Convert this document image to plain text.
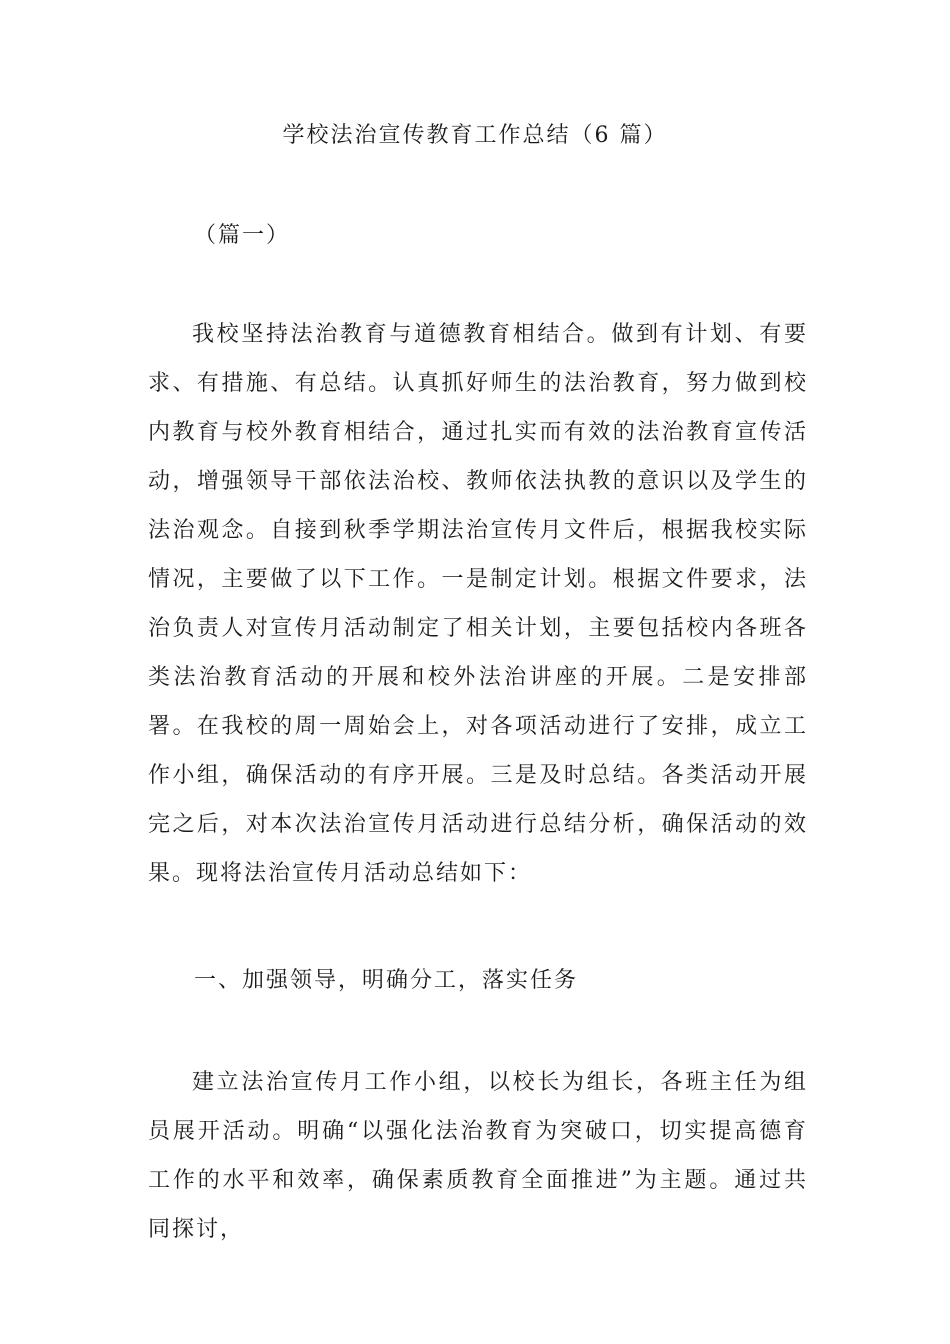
学校法治宣传教育工作总结（6 篇）

（篇一）

我校坚持法治教育与道德教育相结合。做到有计划、有要求、有措施、有总结。认真抓好师生的法治教育，努力做到校内教育与校外教育相结合，通过扎实而有效的法治教育宣传活动，增强领导干部依法治校、教师依法执教的意识以及学生的法治观念。自接到秋季学期法治宣传月文件后，根据我校实际情况，主要做了以下工作。一是制定计划。根据文件要求，法治负责人对宣传月活动制定了相关计划，主要包括校内各班各类法治教育活动的开展和校外法治讲座的开展。二是安排部署。在我校的周一周始会上，对各项活动进行了安排，成立工作小组，确保活动的有序开展。三是及时总结。各类活动开展完之后，对本次法治宣传月活动进行总结分析，确保活动的效果。现将法治宣传月活动总结如下：

一、加强领导，明确分工，落实任务

建立法治宣传月工作小组，以校长为组长，各班主任为组员展开活动。明确“以强化法治教育为突破口，切实提高德育工作的水平和效率，确保素质教育全面推进”为主题。通过共同探讨，
